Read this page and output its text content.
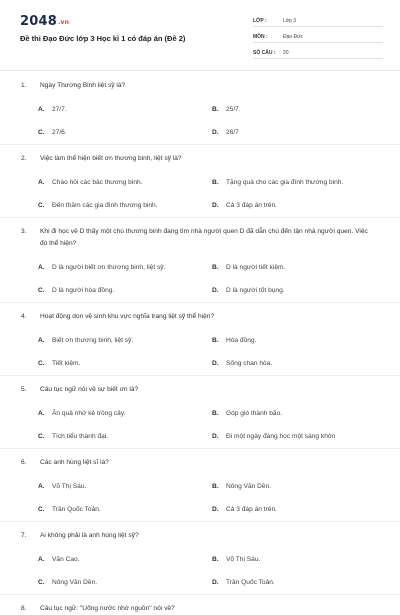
2048.vn
Đề thi Đạo Đức lớp 3 Học kì 1 có đáp án (Đề 2)
LỚP :	Lớp 3
MÔN :	Đạo Đức
SỐ CÂU :	20
1. Ngày Thương Binh liệt sỹ là?
A. 27/7.	B. 25/7.
C. 27/6.	D. 26/7
2. Việc làm thể hiện biết ơn thương binh, liệt sỹ là?
A. Chào hỏi các bác thương binh.	B. Tặng quà cho các gia đình thương binh.
C. Đến thăm các gia đình thương binh.	D. Cả 3 đáp án trên.
3. Khi đi học về D thấy một chú thương binh đang tìm nhà người quen D đã dẫn chú đến tận nhà người quen. Việc đó thể hiện?
A. D là người biết ơn thương binh, liệt sỹ.	B. D là người tiết kiệm.
C. D là người hòa đồng.	D. D là người tốt bụng.
4. Hoạt động dọn vệ sinh khu vực nghĩa trang liệt sỹ thể hiện?
A. Biết ơn thương binh, liệt sỹ.	B. Hòa đồng.
C. Tiết kiệm.	D. Sống chan hòa.
5. Câu tục ngữ nói về sự biết ơn là?
A. Ăn quả nhớ kẻ trồng cây.	B. Góp gió thành bão.
C. Tích tiểu thành đại.	D. Đi một ngày đàng học một sàng khôn
6. Các anh hùng liệt sĩ là?
A. Võ Thị Sáu.	B. Nông Văn Dền.
C. Trần Quốc Toản.	D. Cả 3 đáp án trên.
7. Ai không phải là anh hùng liệt sỹ?
A. Văn Cao.	B. Võ Thị Sáu.
C. Nông Văn Dền.	D. Trần Quốc Toản.
8. Câu tục ngữ: "Uống nước nhớ nguồn" nói về?
